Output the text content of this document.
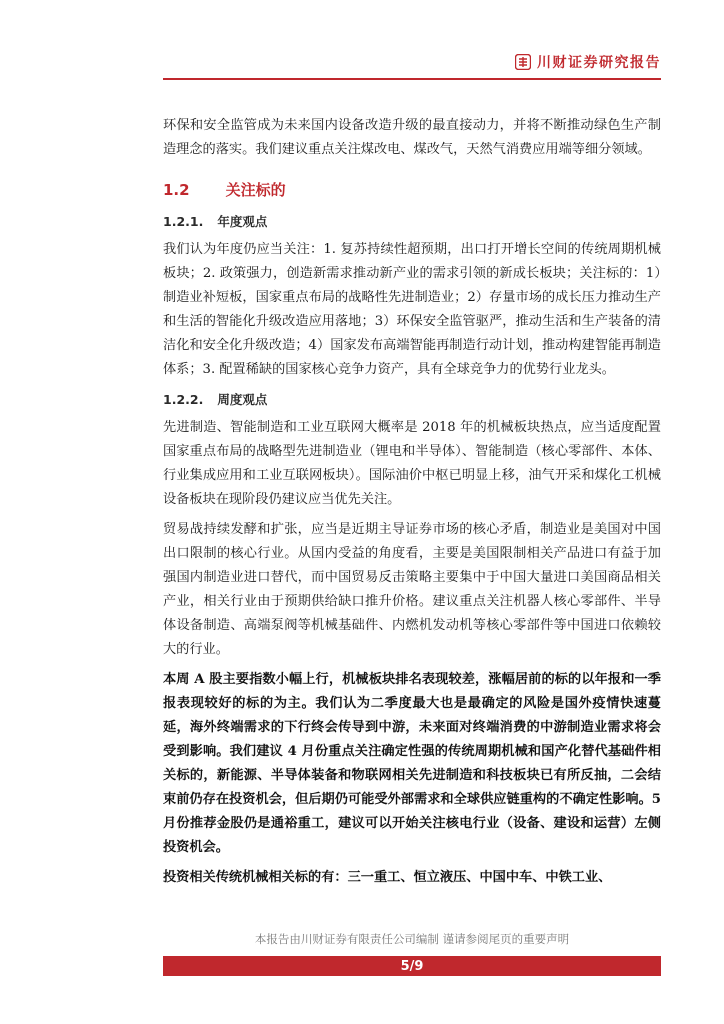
川财证券研究报告

环保和安全监管成为未来国内设备改造升级的最直接动力，并将不断推动绿色生产制造理念的落实。我们建议重点关注煤改电、煤改气，天然气消费应用端等细分领域。

1.2 关注标的
1.2.1. 年度观点

我们认为年度仍应当关注：1. 复苏持续性超预期，出口打开增长空间的传统周期机械板块；2. 政策强力，创造新需求推动新产业的需求引领的新成长板块；关注标的：1）制造业补短板，国家重点布局的战略性先进制造业；2）存量市场的成长压力推动生产和生活的智能化升级改造应用落地；3）环保安全监管驱严，推动生活和生产装备的清洁化和安全化升级改造；4）国家发布高端智能再制造行动计划，推动构建智能再制造体系；3. 配置稀缺的国家核心竞争力资产，具有全球竞争力的优势行业龙头。

1.2.2. 周度观点

先进制造、智能制造和工业互联网大概率是 2018 年的机械板块热点，应当适度配置国家重点布局的战略型先进制造业（锂电和半导体）、智能制造（核心零部件、本体、行业集成应用和工业互联网板块）。国际油价中枢已明显上移，油气开采和煤化工机械设备板块在现阶段仍建议应当优先关注。

贸易战持续发酵和扩张，应当是近期主导证券市场的核心矛盾，制造业是美国对中国出口限制的核心行业。从国内受益的角度看，主要是美国限制相关产品进口有益于加强国内制造业进口替代，而中国贸易反击策略主要集中于中国大量进口美国商品相关产业，相关行业由于预期供给缺口推升价格。建议重点关注机器人核心零部件、半导体设备制造、高端泵阀等机械基础件、内燃机发动机等核心零部件等中国进口依赖较大的行业。

本周 A 股主要指数小幅上行，机械板块排名表现较差，涨幅居前的标的以年报和一季报表现较好的标的为主。我们认为二季度最大也是最确定的风险是国外疫情快速蔓延，海外终端需求的下行终会传导到中游，未来面对终端消费的中游制造业需求将会受到影响。我们建议 4 月份重点关注确定性强的传统周期机械和国产化替代基础件相关标的，新能源、半导体装备和物联网相关先进制造和科技板块已有所反抽，二会结束前仍存在投资机会，但后期仍可能受外部需求和全球供应链重构的不确定性影响。5 月份推荐金股仍是通裕重工，建议可以开始关注核电行业（设备、建设和运营）左侧投资机会。

投资相关传统机械相关标的有：三一重工、恒立液压、中国中车、中铁工业、

本报告由川财证券有限责任公司编制 谨请参阅尾页的重要声明
5/9
